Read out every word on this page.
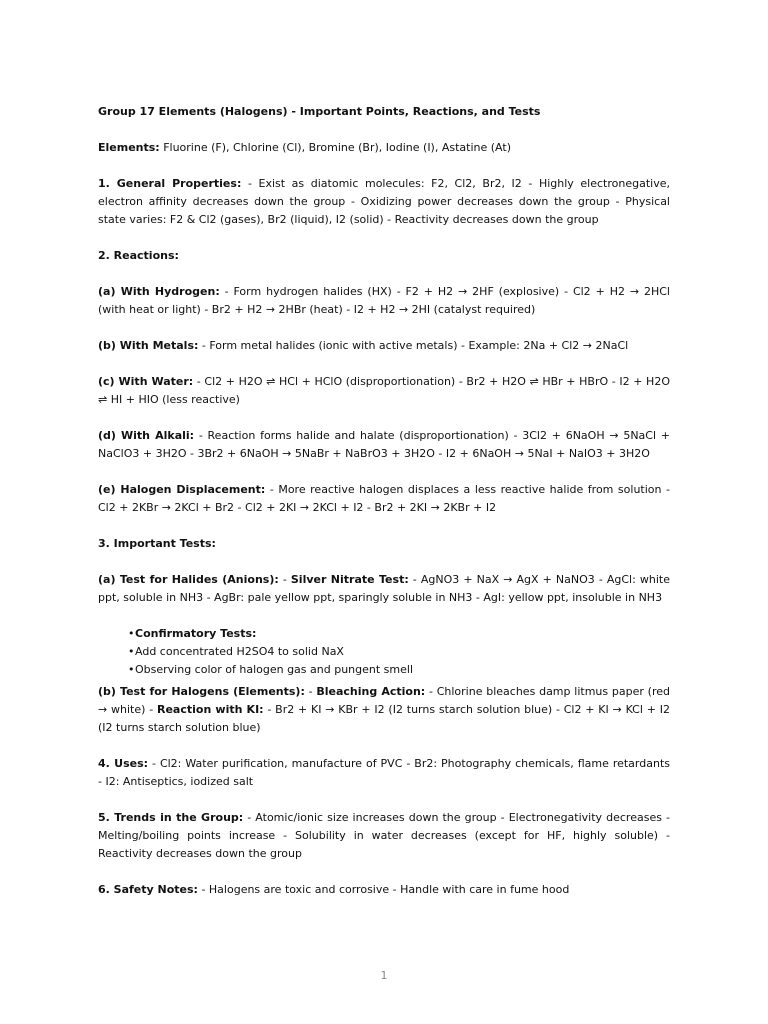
Group 17 Elements (Halogens) - Important Points, Reactions, and Tests

Elements: Fluorine (F), Chlorine (Cl), Bromine (Br), Iodine (I), Astatine (At)

1. General Properties: - Exist as diatomic molecules: F2, Cl2, Br2, I2 - Highly electronegative, electron affinity decreases down the group - Oxidizing power decreases down the group - Physical state varies: F2 & Cl2 (gases), Br2 (liquid), I2 (solid) - Reactivity decreases down the group

2. Reactions:

(a) With Hydrogen: - Form hydrogen halides (HX) - F2 + H2 → 2HF (explosive) - Cl2 + H2 → 2HCl (with heat or light) - Br2 + H2 → 2HBr (heat) - I2 + H2 → 2HI (catalyst required)

(b) With Metals: - Form metal halides (ionic with active metals) - Example: 2Na + Cl2 → 2NaCl

(c) With Water: - Cl2 + H2O ⇌ HCl + HClO (disproportionation) - Br2 + H2O ⇌ HBr + HBrO - I2 + H2O ⇌ HI + HIO (less reactive)

(d) With Alkali: - Reaction forms halide and halate (disproportionation) - 3Cl2 + 6NaOH → 5NaCl + NaClO3 + 3H2O - 3Br2 + 6NaOH → 5NaBr + NaBrO3 + 3H2O - I2 + 6NaOH → 5NaI + NaIO3 + 3H2O

(e) Halogen Displacement: - More reactive halogen displaces a less reactive halide from solution - Cl2 + 2KBr → 2KCl + Br2 - Cl2 + 2KI → 2KCl + I2 - Br2 + 2KI → 2KBr + I2

3. Important Tests:

(a) Test for Halides (Anions): - Silver Nitrate Test: - AgNO3 + NaX → AgX + NaNO3 - AgCl: white ppt, soluble in NH3 - AgBr: pale yellow ppt, sparingly soluble in NH3 - AgI: yellow ppt, insoluble in NH3

•Confirmatory Tests:
•Add concentrated H2SO4 to solid NaX
•Observing color of halogen gas and pungent smell

(b) Test for Halogens (Elements): - Bleaching Action: - Chlorine bleaches damp litmus paper (red → white) - Reaction with KI: - Br2 + KI → KBr + I2 (I2 turns starch solution blue) - Cl2 + KI → KCl + I2 (I2 turns starch solution blue)

4. Uses: - Cl2: Water purification, manufacture of PVC - Br2: Photography chemicals, flame retardants - I2: Antiseptics, iodized salt

5. Trends in the Group: - Atomic/ionic size increases down the group - Electronegativity decreases - Melting/boiling points increase - Solubility in water decreases (except for HF, highly soluble) - Reactivity decreases down the group

6. Safety Notes: - Halogens are toxic and corrosive - Handle with care in fume hood

1
